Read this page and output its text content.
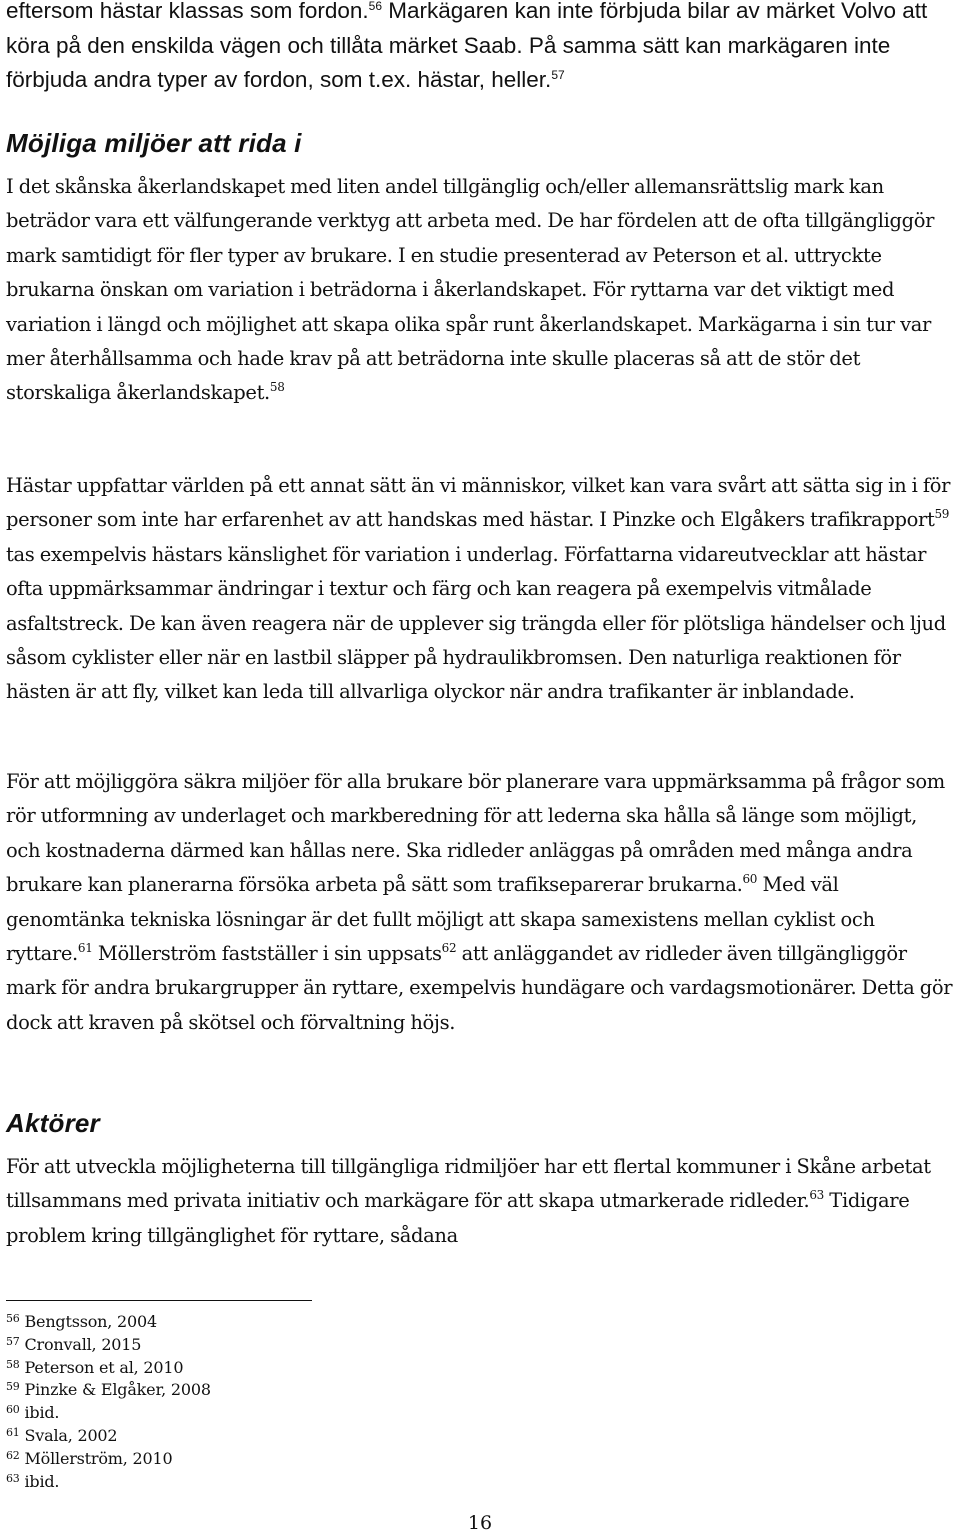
eftersom hästar klassas som fordon.$^{56}$ Markägaren kan inte förbjuda bilar av märket Volvo att köra på den enskilda vägen och tillåta märket Saab. På samma sätt kan markägaren inte förbjuda andra typer av fordon, som t.ex. hästar, heller.$^{57}$

Möjliga miljöer att rida i

I det skånska åkerlandskapet med liten andel tillgänglig och/eller allemansrättslig mark kan beträdor vara ett välfungerande verktyg att arbeta med. De har fördelen att de ofta tillgängliggör mark samtidigt för fler typer av brukare. I en studie presenterad av Peterson et al. uttryckte brukarna önskan om variation i beträdorna i åkerlandskapet. För ryttarna var det viktigt med variation i längd och möjlighet att skapa olika spår runt åkerlandskapet. Markägarna i sin tur var mer återhållsamma och hade krav på att beträdorna inte skulle placeras så att de stör det storskaliga åkerlandskapet.$^{58}$

Hästar uppfattar världen på ett annat sätt än vi människor, vilket kan vara svårt att sätta sig in i för personer som inte har erfarenhet av att handskas med hästar. I Pinzke och Elgåkers trafikrapport$^{59}$ tas exempelvis hästars känslighet för variation i underlag. Författarna vidareutvecklar att hästar ofta uppmärksammar ändringar i textur och färg och kan reagera på exempelvis vitmålade asfaltstreck. De kan även reagera när de upplever sig trängda eller för plötsliga händelser och ljud såsom cyklister eller när en lastbil släpper på hydraulikbromsen. Den naturliga reaktionen för hästen är att fly, vilket kan leda till allvarliga olyckor när andra trafikanter är inblandade.

För att möjliggöra säkra miljöer för alla brukare bör planerare vara uppmärksamma på frågor som rör utformning av underlaget och markberedning för att lederna ska hålla så länge som möjligt, och kostnaderna därmed kan hållas nere. Ska ridleder anläggas på områden med många andra brukare kan planerarna försöka arbeta på sätt som trafikseparerar brukarna.$^{60}$ Med väl genomtänka tekniska lösningar är det fullt möjligt att skapa samexistens mellan cyklist och ryttare.$^{61}$ Möllerström fastställer i sin uppsats$^{62}$ att anläggandet av ridleder även tillgängliggör mark för andra brukargrupper än ryttare, exempelvis hundägare och vardagsmotionärer. Detta gör dock att kraven på skötsel och förvaltning höjs.

Aktörer

För att utveckla möjligheterna till tillgängliga ridmiljöer har ett flertal kommuner i Skåne arbetat tillsammans med privata initiativ och markägare för att skapa utmarkerade ridleder.$^{63}$ Tidigare problem kring tillgänglighet för ryttare, sådana

$^{56}$ Bengtsson, 2004
$^{57}$ Cronvall, 2015
$^{58}$ Peterson et al, 2010
$^{59}$ Pinzke & Elgåker, 2008
$^{60}$ ibid.
$^{61}$ Svala, 2002
$^{62}$ Möllerström, 2010
$^{63}$ ibid.
16
